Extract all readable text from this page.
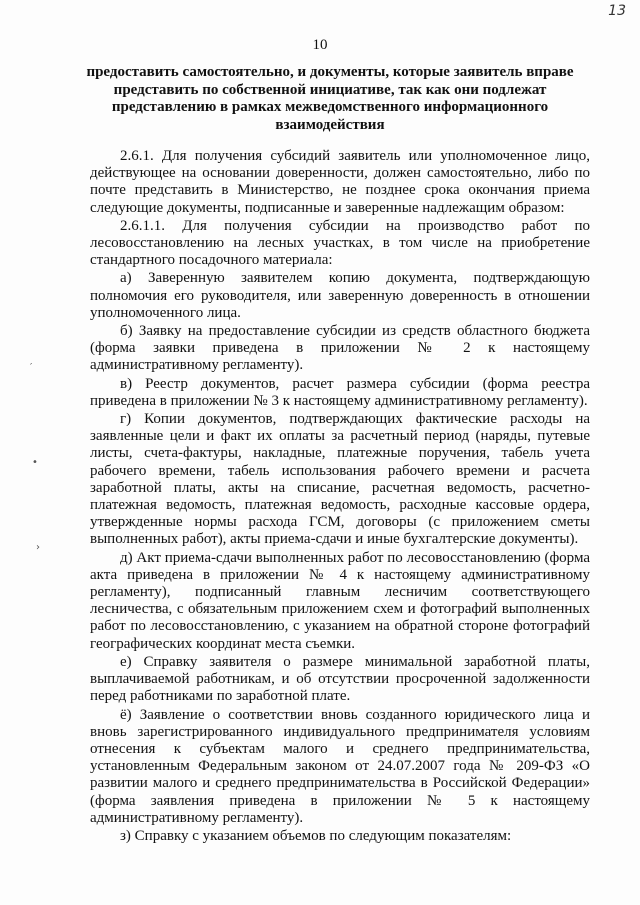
13
10
предоставить самостоятельно, и документы, которые заявитель вправе представить по собственной инициативе, так как они подлежат представлению в рамках межведомственного информационного взаимодействия

2.6.1. Для получения субсидий заявитель или уполномоченное лицо, действующее на основании доверенности, должен самостоятельно, либо по почте представить в Министерство, не позднее срока окончания приема следующие документы, подписанные и заверенные надлежащим образом:

2.6.1.1. Для получения субсидии на производство работ по лесовосстановлению на лесных участках, в том числе на приобретение стандартного посадочного материала:

а) Заверенную заявителем копию документа, подтверждающую полномочия его руководителя, или заверенную доверенность в отношении уполномоченного лица.

б) Заявку на предоставление субсидии из средств областного бюджета (форма заявки приведена в приложении № 2 к настоящему административному регламенту).

в) Реестр документов, расчет размера субсидии (форма реестра приведена в приложении № 3 к настоящему административному регламенту).

г) Копии документов, подтверждающих фактические расходы на заявленные цели и факт их оплаты за расчетный период (наряды, путевые листы, счета-фактуры, накладные, платежные поручения, табель учета рабочего времени, табель использования рабочего времени и расчета заработной платы, акты на списание, расчетная ведомость, расчетно-платежная ведомость, платежная ведомость, расходные кассовые ордера, утвержденные нормы расхода ГСМ, договоры (с приложением сметы выполненных работ), акты приема-сдачи и иные бухгалтерские документы).

д) Акт приема-сдачи выполненных работ по лесовосстановлению (форма акта приведена в приложении № 4 к настоящему административному регламенту), подписанный главным лесничим соответствующего лесничества, с обязательным приложением схем и фотографий выполненных работ по лесовосстановлению, с указанием на обратной стороне фотографий географических координат места съемки.

е) Справку заявителя о размере минимальной заработной платы, выплачиваемой работникам, и об отсутствии просроченной задолженности перед работниками по заработной плате.

ё) Заявление о соответствии вновь созданного юридического лица и вновь зарегистрированного индивидуального предпринимателя условиям отнесения к субъектам малого и среднего предпринимательства, установленным Федеральным законом от 24.07.2007 года № 209-ФЗ «О развитии малого и среднего предпринимательства в Российской Федерации» (форма заявления приведена в приложении № 5 к настоящему административному регламенту).

з) Справку с указанием объемов по следующим показателям:

′
•
›
